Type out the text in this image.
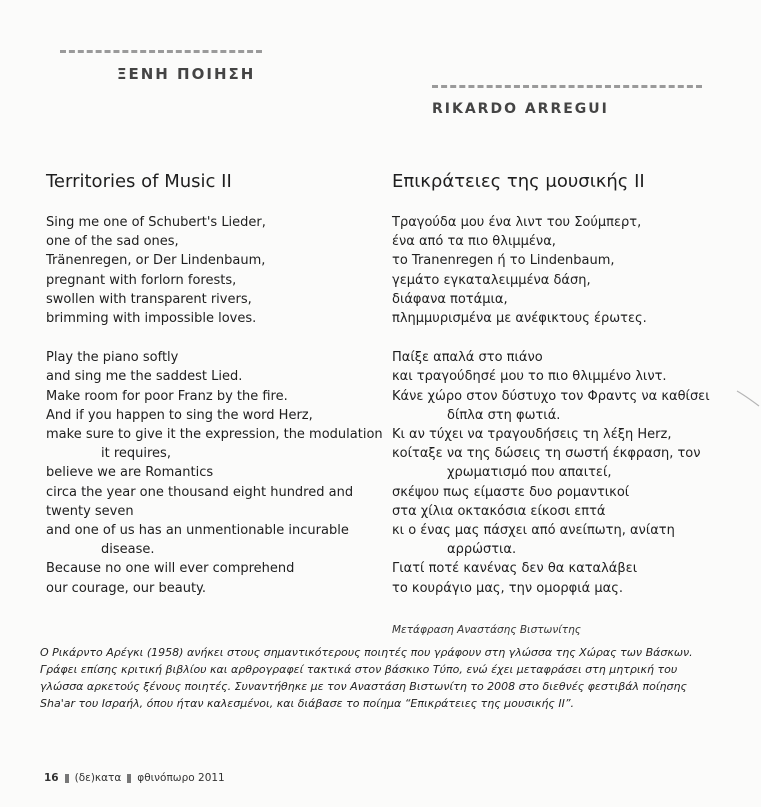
ΞΕΝΗ ΠΟΙΗΣΗ
RIKARDO ARREGUI
Territories of Music II
Sing me one of Schubert's Lieder,
one of the sad ones,
Tränenregen, or Der Lindenbaum,
pregnant with forlorn forests,
swollen with transparent rivers,
brimming with impossible loves.
Play the piano softly
and sing me the saddest Lied.
Make room for poor Franz by the fire.
And if you happen to sing the word Herz,
make sure to give it the expression, the modulation
it requires,
believe we are Romantics
circa the year one thousand eight hundred and
twenty seven
and one of us has an unmentionable incurable
disease.
Because no one will ever comprehend
our courage, our beauty.
Επικράτειες της μουσικής ΙΙ
Τραγούδα μου ένα λιντ του Σούμπερτ,
ένα από τα πιο θλιμμένα,
το Tranenregen ή το Lindenbaum,
γεμάτο εγκαταλειμμένα δάση,
διάφανα ποτάμια,
πλημμυρισμένα με ανέφικτους έρωτες.
Παίξε απαλά στο πιάνο
και τραγούδησέ μου το πιο θλιμμένο λιντ.
Κάνε χώρο στον δύστυχο τον Φραντς να καθίσει
δίπλα στη φωτιά.
Κι αν τύχει να τραγουδήσεις τη λέξη Herz,
κοίταξε να της δώσεις τη σωστή έκφραση, τον
χρωματισμό που απαιτεί,
σκέψου πως είμαστε δυο ρομαντικοί
στα χίλια οκτακόσια είκοσι επτά
κι ο ένας μας πάσχει από ανείπωτη, ανίατη
αρρώστια.
Γιατί ποτέ κανένας δεν θα καταλάβει
το κουράγιο μας, την ομορφιά μας.
Μετάφραση Αναστάσης Βιστωνίτης
Ο Ρικάρντο Αρέγκι (1958) ανήκει στους σημαντικότερους ποιητές που γράφουν στη γλώσσα της Χώρας των Βάσκων.
Γράφει επίσης κριτική βιβλίου και αρθρογραφεί τακτικά στον βάσκικο Τύπο, ενώ έχει μεταφράσει στη μητρική του
γλώσσα αρκετούς ξένους ποιητές. Συναντήθηκε με τον Αναστάση Βιστωνίτη το 2008 στο διεθνές φεστιβάλ ποίησης
Sha'ar του Ισραήλ, όπου ήταν καλεσμένοι, και διάβασε το ποίημα “Επικράτειες της μουσικής ΙΙ”.
16 (δε)κατα φθινόπωρο 2011
